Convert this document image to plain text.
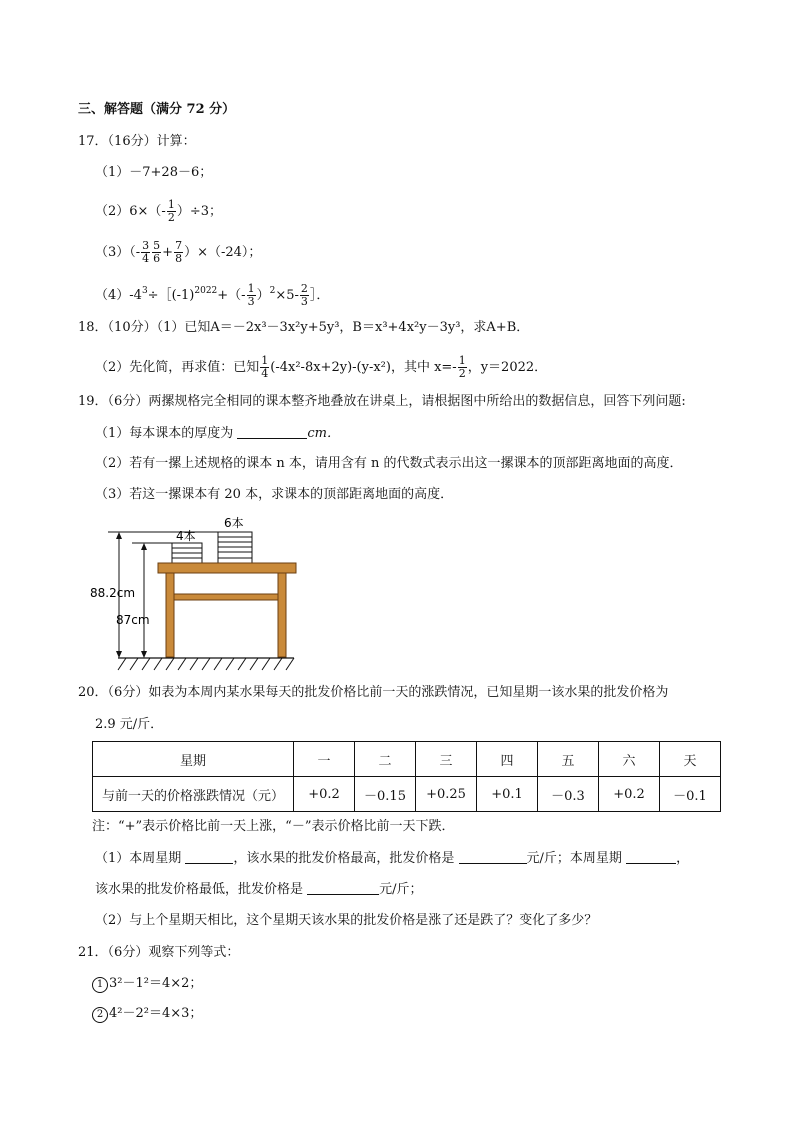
三、解答题（满分 72 分）
17．（16分）计算：
（1）－7+28－6；
$(2)6\times(- \frac{1}{2} )\div 3$；
$(3)(- \frac{3}{4} \frac{5}{6} + \frac{7}{8} )\times(-24)$；
$(4)-4^3\div[(-1)^{2022}+(- \frac{1}{3} )^2\times 5- \frac{2}{3}$ ］．
18．（10分）（1）已知A＝－2x³－3x²y+5y³，B＝x³+4x²y－3y³，求A+B．
（2）先化简，再求值：已知 $\frac{1}{4} (-4x^2-8x+2y)-(y-x^2)$，其中 $x=- \frac{1}{2}$ ，y＝2022．
19．（6分）两摞规格完全相同的课本整齐地叠放在讲桌上，请根据图中所给出的数据信息，回答下列问题:
（1）每本课本的厚度为	cm．
（2）若有一摞上述规格的课本 n 本，请用含有 n 的代数式表示出这一摞课本的顶部距离地面的高度．
（3）若这一摞课本有 20 本，求课本的顶部距离地面的高度．
4本
6本
88.2cm
87cm
20．（6分）如表为本周内某水果每天的批发价格比前一天的涨跌情况，已知星期一该水果的批发价格为
2.9 元/斤．
星期	一	二	三	四	五	六	天
与前一天的价格涨跌情况（元）	+0.2	－0.15	+0.25	+0.1	－0.3	+0.2	－0.1
注：“+”表示价格比前一天上涨，“－”表示价格比前一天下跌．
（1）本周星期	，该水果的批发价格最高，批发价格是	元/斤；本周星期	，
该水果的批发价格最低，批发价格是	元/斤；
（2）与上个星期天相比，这个星期天该水果的批发价格是涨了还是跌了？变化了多少？
21．（6分）观察下列等式：
1 3²－1²＝4×2；
2 4²－2²＝4×3；
